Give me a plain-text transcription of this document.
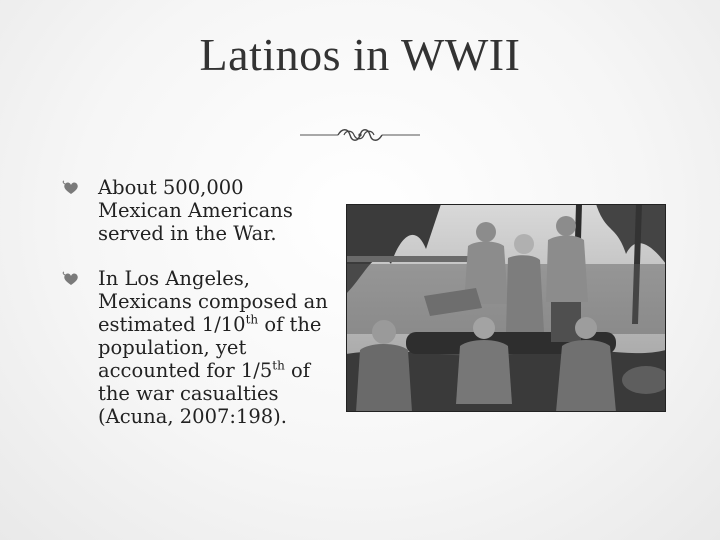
Latinos in WWII
About 500,000 Mexican Americans served in the War.
In Los Angeles, Mexicans composed an estimated 1/10th of the population, yet accounted for 1/5th of the war casualties (Acuna, 2007:198).
